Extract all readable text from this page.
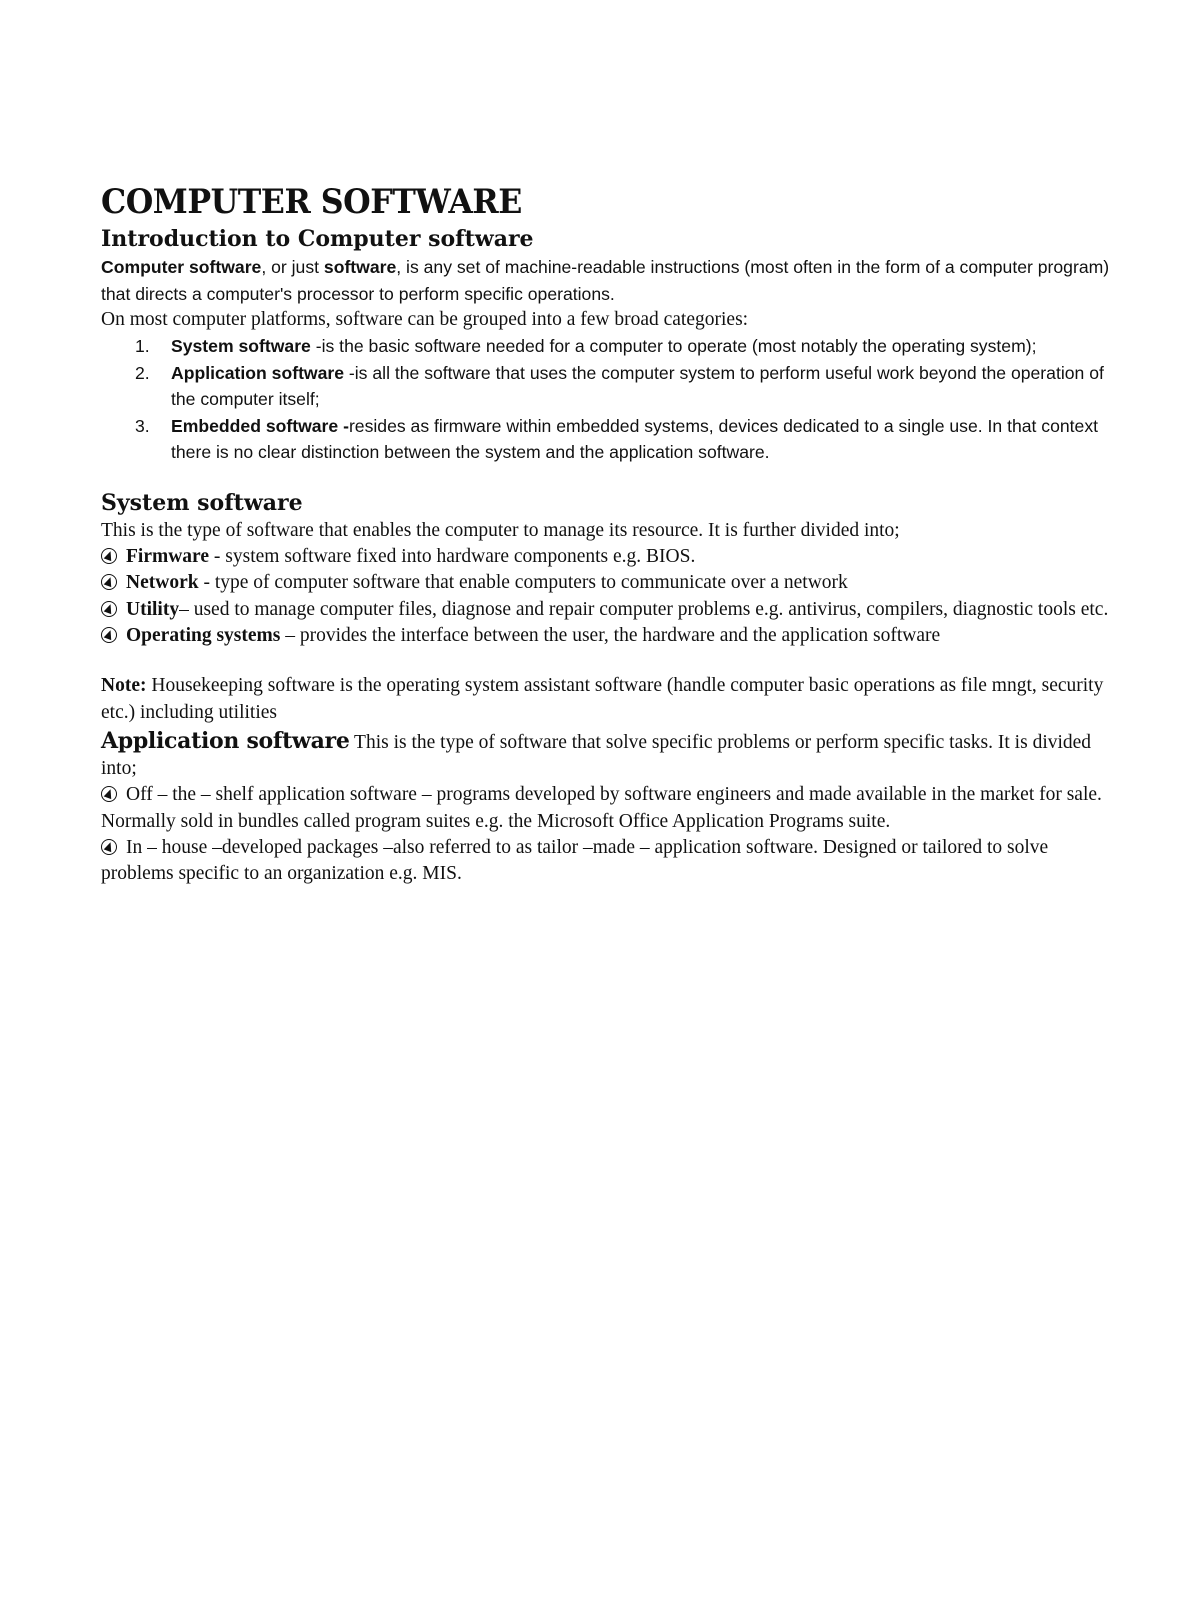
COMPUTER SOFTWARE
Introduction to Computer software

Computer software, or just software, is any set of machine-readable instructions (most often in the form of a computer program) that directs a computer's processor to perform specific operations.

On most computer platforms, software can be grouped into a few broad categories:

1. System software -is the basic software needed for a computer to operate (most notably the operating system);
2. Application software -is all the software that uses the computer system to perform useful work beyond the operation of the computer itself;
3. Embedded software -resides as firmware within embedded systems, devices dedicated to a single use. In that context there is no clear distinction between the system and the application software.
System software

This is the type of software that enables the computer to manage its resource. It is further divided into;

Firmware - system software fixed into hardware components e.g. BIOS.
Network - type of computer software that enable computers to communicate over a network
Utility– used to manage computer files, diagnose and repair computer problems e.g. antivirus, compilers, diagnostic tools etc.
Operating systems – provides the interface between the user, the hardware and the application software

Note: Housekeeping software is the operating system assistant software (handle computer basic operations as file mngt, security etc.) including utilities

Application software This is the type of software that solve specific problems or perform specific tasks. It is divided into;

Off – the – shelf application software – programs developed by software engineers and made available in the market for sale. Normally sold in bundles called program suites e.g. the Microsoft Office Application Programs suite.
In – house –developed packages –also referred to as tailor –made – application software. Designed or tailored to solve problems specific to an organization e.g. MIS.
